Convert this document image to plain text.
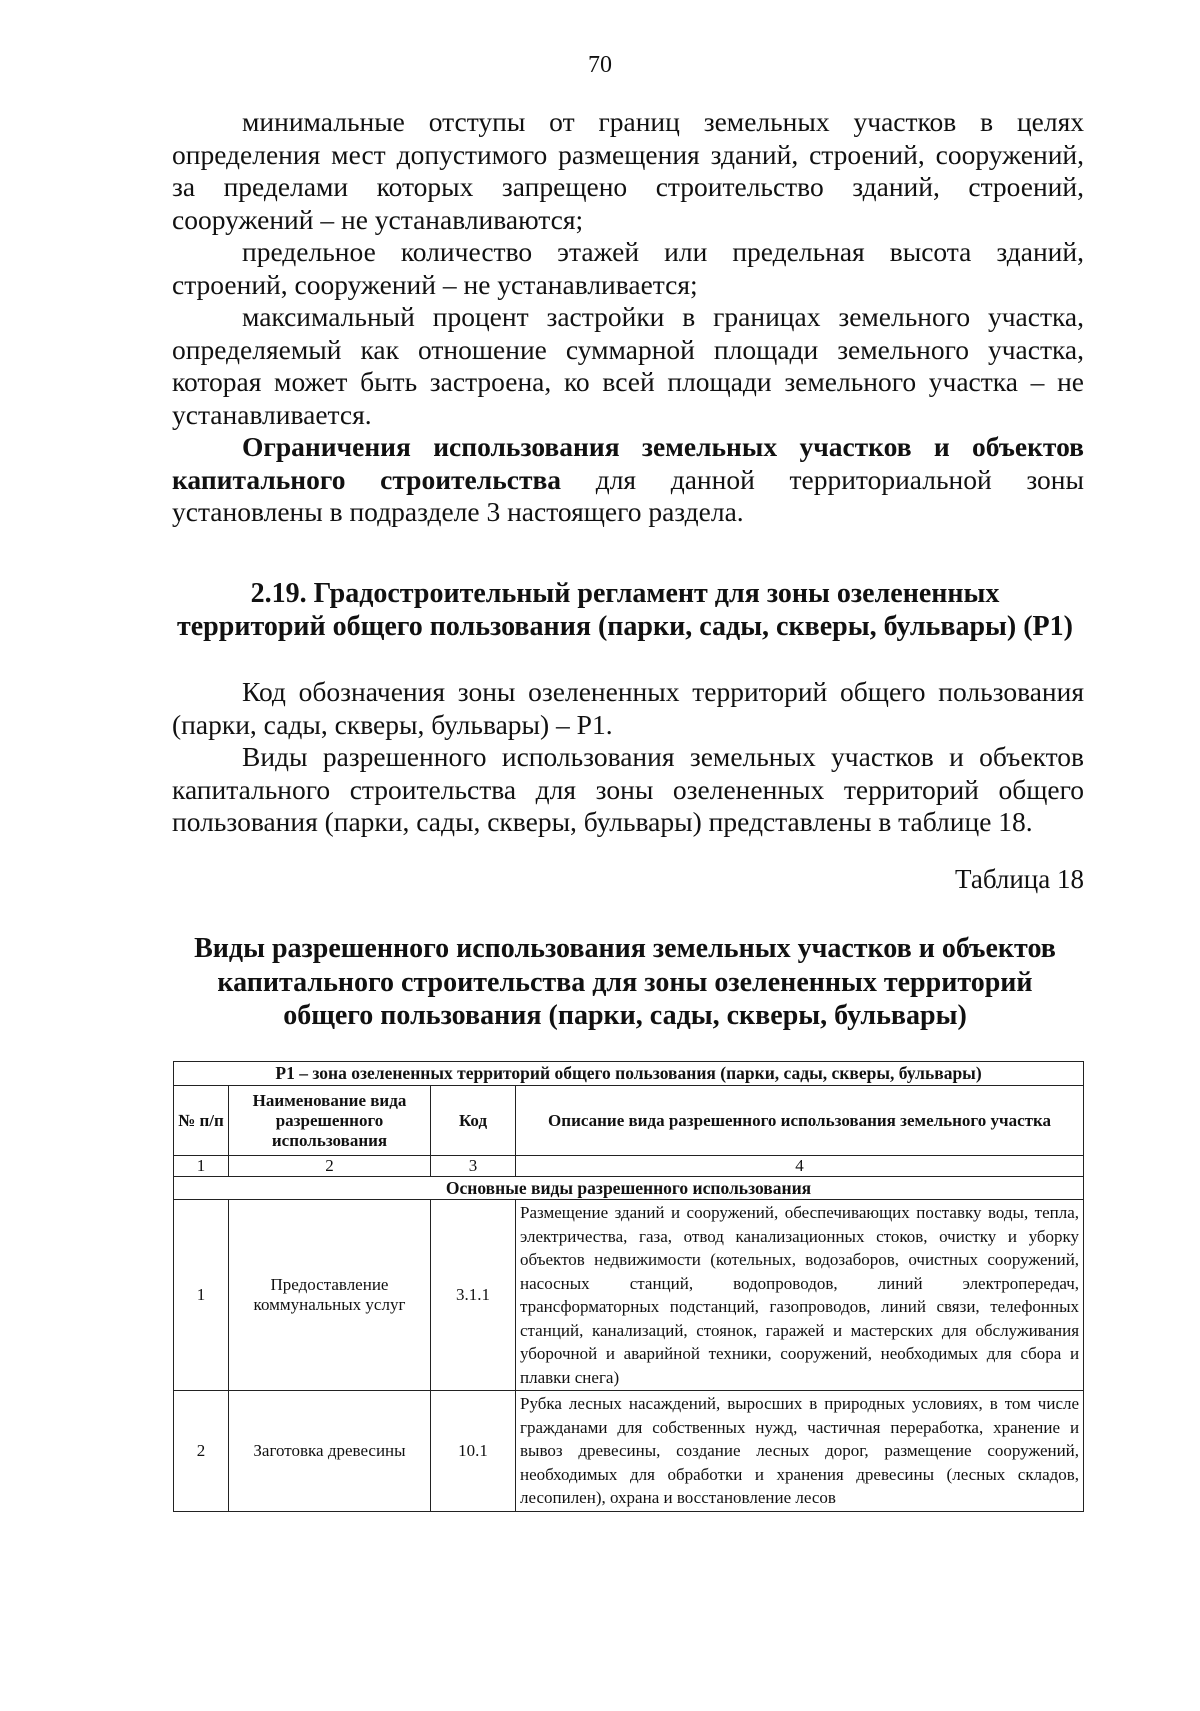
70

минимальные отступы от границ земельных участков в целях определения мест допустимого размещения зданий, строений, сооружений, за пределами которых запрещено строительство зданий, строений, сооружений – не устанавливаются;

предельное количество этажей или предельная высота зданий, строений, сооружений – не устанавливается;

максимальный процент застройки в границах земельного участка, определяемый как отношение суммарной площади земельного участка, которая может быть застроена, ко всей площади земельного участка – не устанавливается.

Ограничения использования земельных участков и объектов капитального строительства для данной территориальной зоны установлены в подразделе 3 настоящего раздела.

2.19. Градостроительный регламент для зоны озелененных
территорий общего пользования (парки, сады, скверы, бульвары) (Р1)

Код обозначения зоны озелененных территорий общего пользования (парки, сады, скверы, бульвары) – Р1.

Виды разрешенного использования земельных участков и объектов капитального строительства для зоны озелененных территорий общего пользования (парки, сады, скверы, бульвары) представлены в таблице 18.

Таблица 18
Виды разрешенного использования земельных участков и объектов
капитального строительства для зоны озелененных территорий
общего пользования (парки, сады, скверы, бульвары)
Р1 – зона озелененных территорий общего пользования (парки, сады, скверы, бульвары)			
№ п/п	Наименование вида разрешенного использования	Код	Описание вида разрешенного использования земельного участка
1	2	3	4
Основные виды разрешенного использования			
1	Предоставление коммунальных услуг	3.1.1	Размещение зданий и сооружений, обеспечивающих поставку воды, тепла, электричества, газа, отвод канализационных стоков, очистку и уборку объектов недвижимости (котельных, водозаборов, очистных сооружений, насосных станций, водопроводов, линий электропередач, трансформаторных подстанций, газопроводов, линий связи, телефонных станций, канализаций, стоянок, гаражей и мастерских для обслуживания уборочной и аварийной техники, сооружений, необходимых для сбора и плавки снега)
2	Заготовка древесины	10.1	Рубка лесных насаждений, выросших в природных условиях, в том числе гражданами для собственных нужд, частичная переработка, хранение и вывоз древесины, создание лесных дорог, размещение сооружений, необходимых для обработки и хранения древесины (лесных складов, лесопилен), охрана и восстановление лесов
